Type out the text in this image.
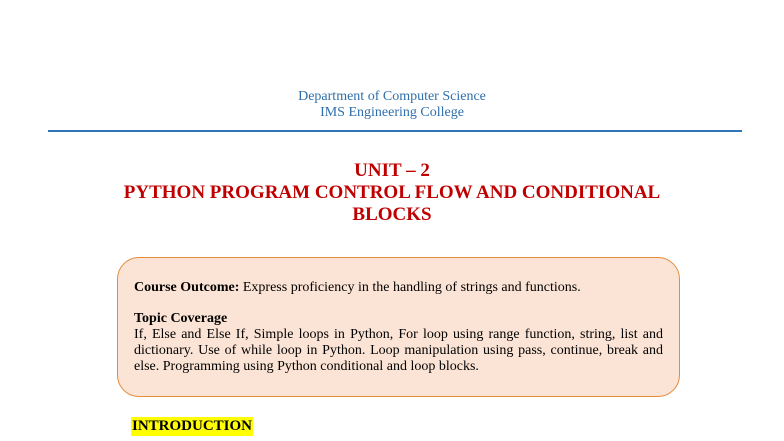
Department of Computer Science
IMS Engineering College
UNIT – 2
PYTHON PROGRAM CONTROL FLOW AND CONDITIONAL BLOCKS
Course Outcome: Express proficiency in the handling of strings and functions.
Topic Coverage
If, Else and Else If, Simple loops in Python, For loop using range function, string, list and dictionary. Use of while loop in Python. Loop manipulation using pass, continue, break and else. Programming using Python conditional and loop blocks.
INTRODUCTION
